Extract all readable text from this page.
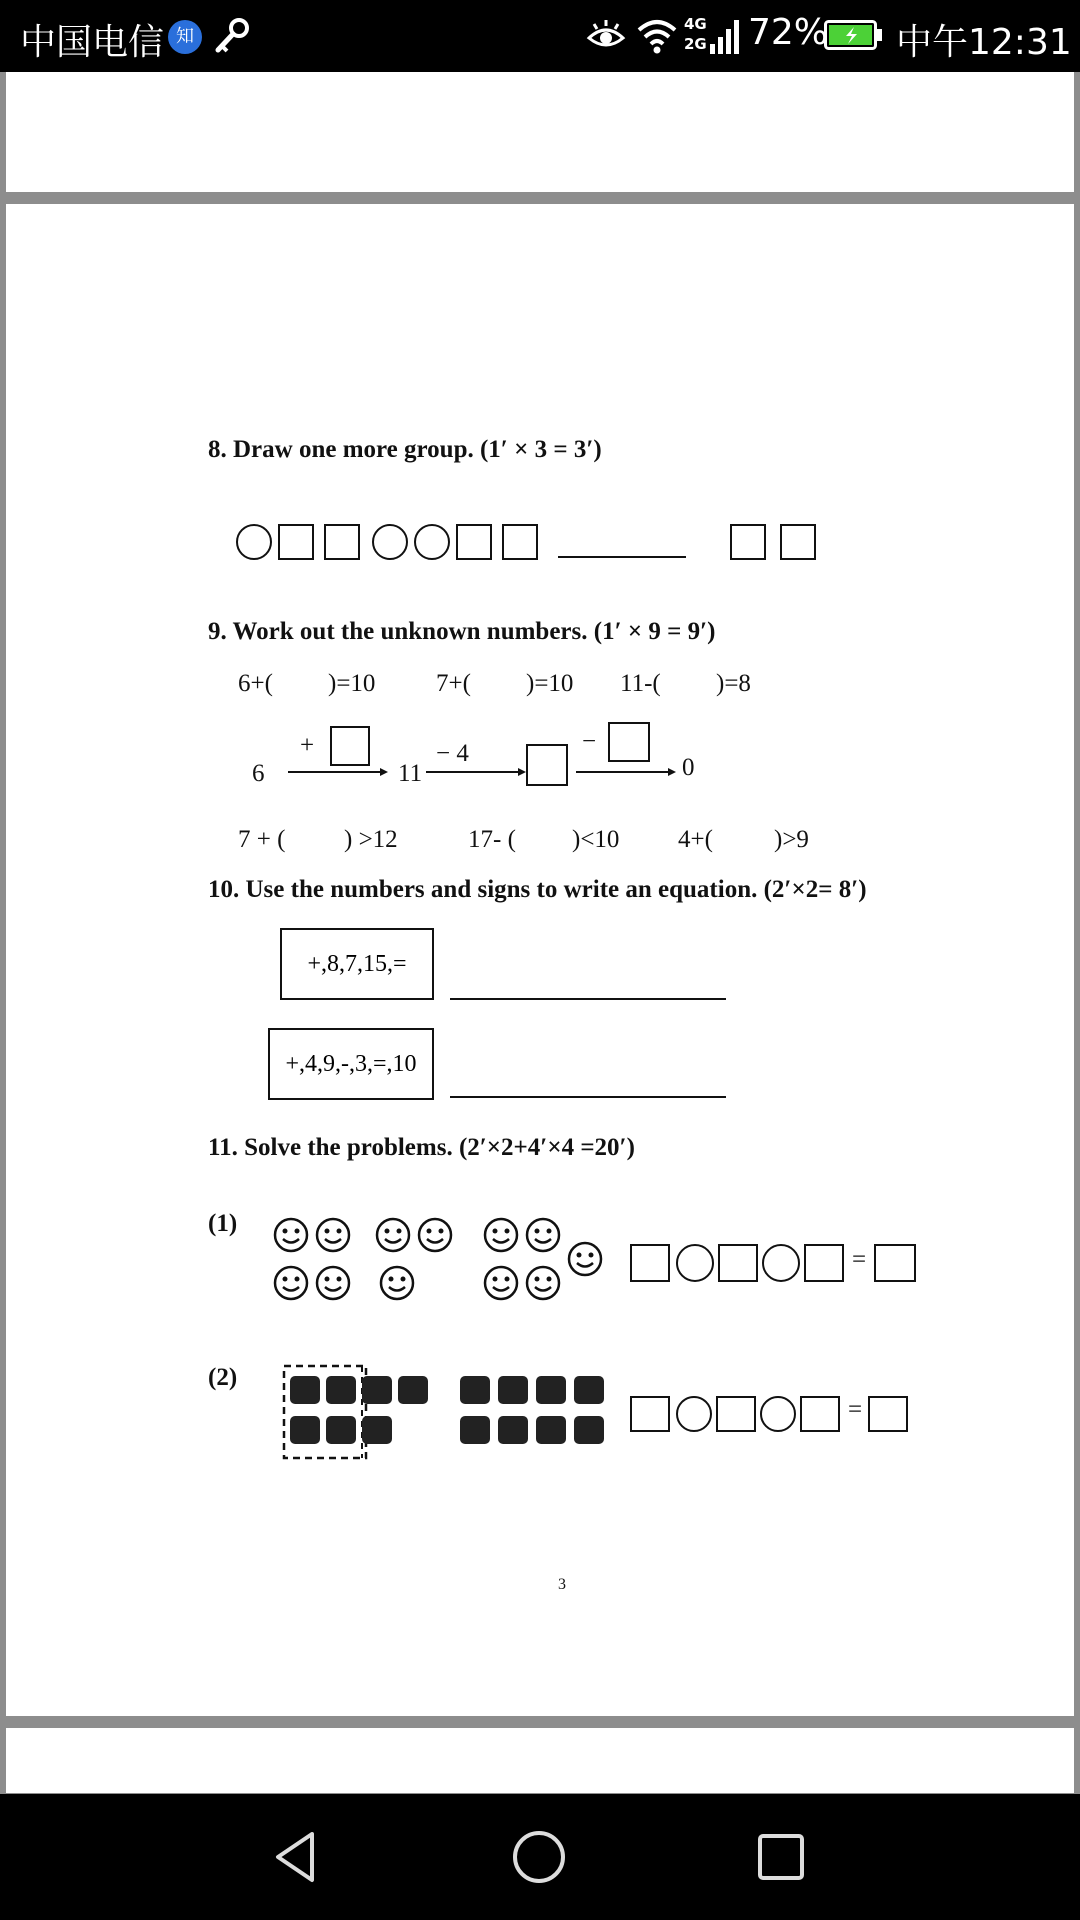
中国电信 知
4G
2G 72% 中午12:31
8. Draw one more group. (1′ × 3 = 3′)
9. Work out the unknown numbers. (1′ × 9 = 9′)
6+( )=10 7+( )=10 11-( )=8
6
+
11
− 4	−
0
7 + ( ) >12	17- ( )<10 4+( )>9
10. Use the numbers and signs to write an equation. (2′×2= 8′)
+,8,7,15,=
+,4,9,-,3,=,10
11. Solve the problems. (2′×2+4′×4 =20′)
(1)
=
(2)
=
3
